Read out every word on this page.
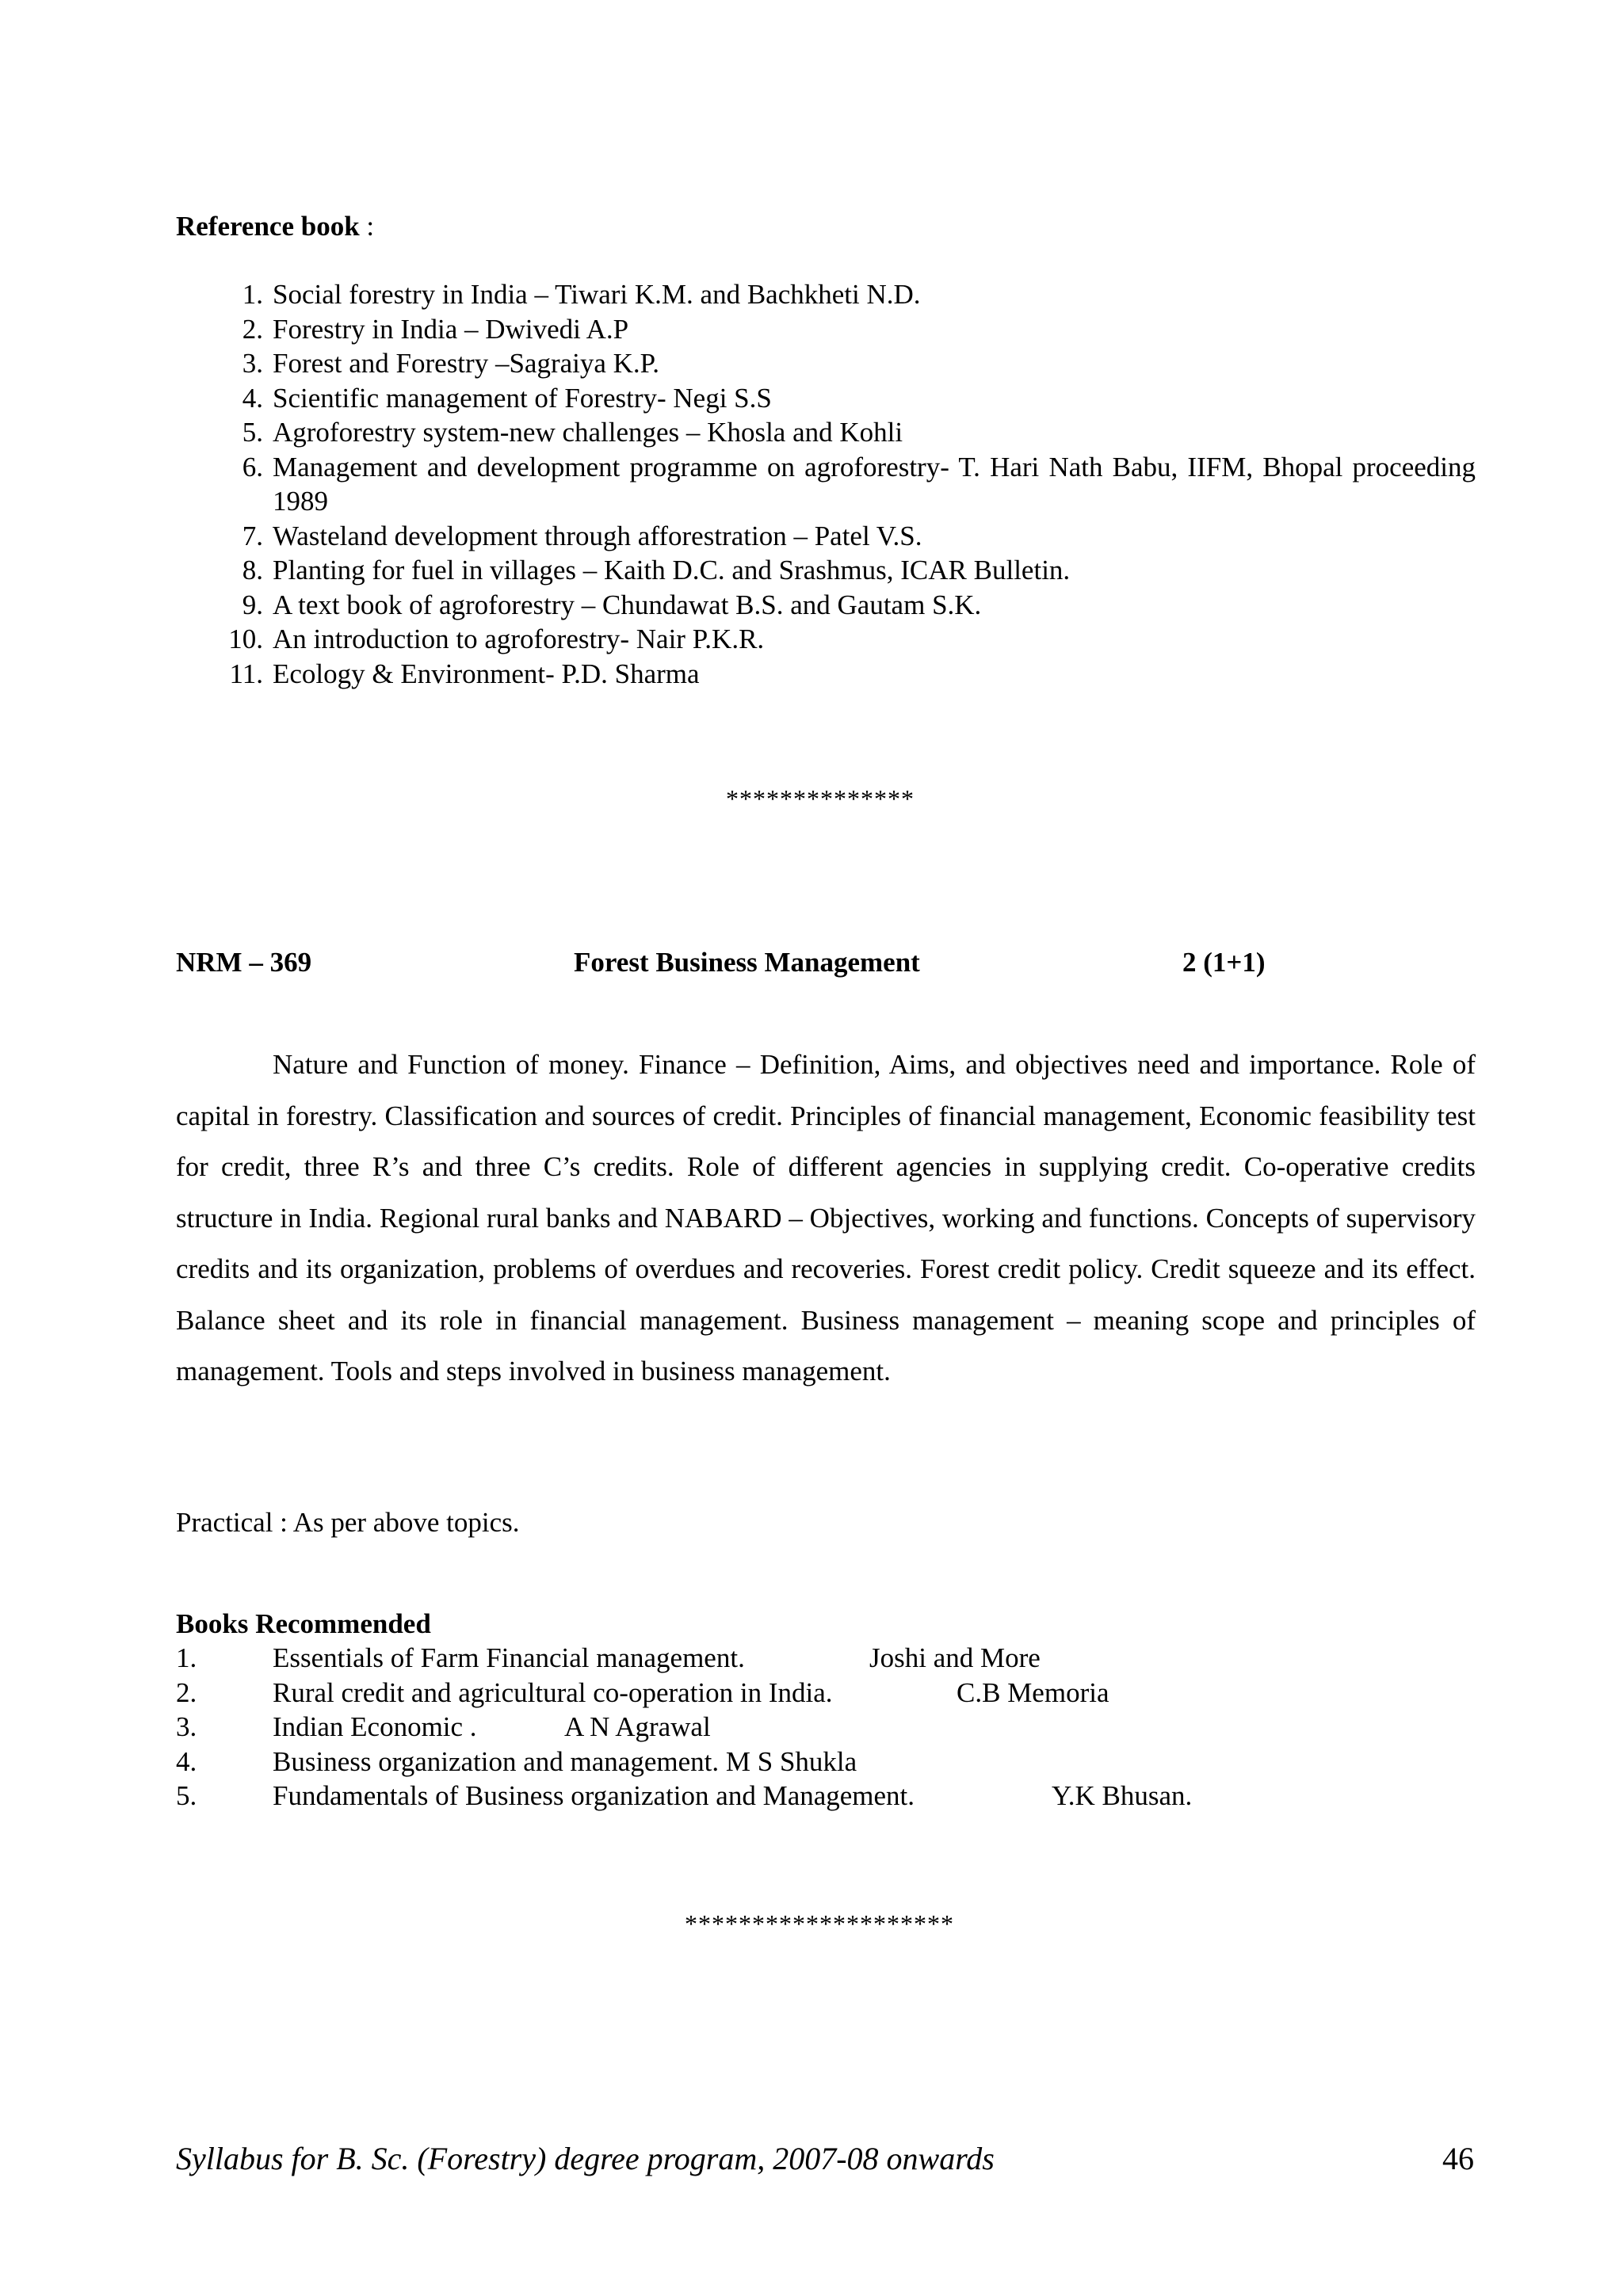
Reference book :
1. Social forestry in India – Tiwari K.M. and Bachkheti N.D.
2. Forestry in India – Dwivedi A.P
3. Forest and Forestry –Sagraiya K.P.
4. Scientific management of Forestry- Negi S.S
5. Agroforestry system-new challenges – Khosla and Kohli
6. Management and development programme on agroforestry- T. Hari Nath Babu, IIFM, Bhopal proceeding 1989
7. Wasteland development through afforestration – Patel V.S.
8. Planting for fuel in villages – Kaith D.C. and Srashmus, ICAR Bulletin.
9. A text book of agroforestry – Chundawat B.S. and Gautam S.K.
10. An introduction to agroforestry- Nair P.K.R.
11. Ecology & Environment- P.D. Sharma
**************
NRM – 369	Forest Business Management	2 (1+1)
Nature and Function of money. Finance – Definition, Aims, and objectives need and importance. Role of capital in forestry. Classification and sources of credit. Principles of financial management, Economic feasibility test for credit, three R’s and three C’s credits. Role of different agencies in supplying credit. Co-operative credits structure in India. Regional rural banks and NABARD – Objectives, working and functions. Concepts of supervisory credits and its organization, problems of overdues and recoveries. Forest credit policy. Credit squeeze and its effect. Balance sheet and its role in financial management. Business management – meaning scope and principles of management. Tools and steps involved in business management.
Practical : As per above topics.
Books Recommended
1.	Essentials of Farm Financial management.	Joshi and More
2.	Rural credit and agricultural co-operation in India.	C.B Memoria
3.	Indian Economic .	A N Agrawal
4.	Business organization and management. M S Shukla
5.	Fundamentals of Business organization and Management.	Y.K Bhusan.
********************
Syllabus for B. Sc. (Forestry) degree program, 2007-08 onwards	46
